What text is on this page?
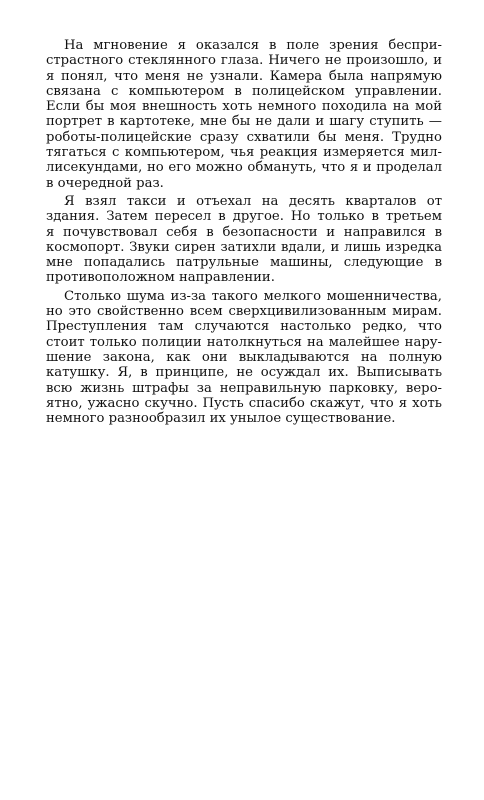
На мгновение я оказался в поле зрения беспри-
страстного стеклянного глаза. Ничего не произошло, и
я понял, что меня не узнали. Камера была напрямую
связана с компьютером в полицейском управлении.
Если бы моя внешность хоть немного походила на мой
портрет в картотеке, мне бы не дали и шагу ступить —
роботы-полицейские сразу схватили бы меня. Трудно
тягаться с компьютером, чья реакция измеряется мил-
лисекундами, но его можно обмануть, что я и проделал
в очередной раз.
Я взял такси и отъехал на десять кварталов от
здания. Затем пересел в другое. Но только в третьем
я почувствовал себя в безопасности и направился в
космопорт. Звуки сирен затихли вдали, и лишь изредка
мне попадались патрульные машины, следующие в
противоположном направлении.
Столько шума из-за такого мелкого мошенничества,
но это свойственно всем сверхцивилизованным мирам.
Преступления там случаются настолько редко, что
стоит только полиции натолкнуться на малейшее нару-
шение закона, как они выкладываются на полную
катушку. Я, в принципе, не осуждал их. Выписывать
всю жизнь штрафы за неправильную парковку, веро-
ятно, ужасно скучно. Пусть спасибо скажут, что я хоть
немного разнообразил их унылое существование.
